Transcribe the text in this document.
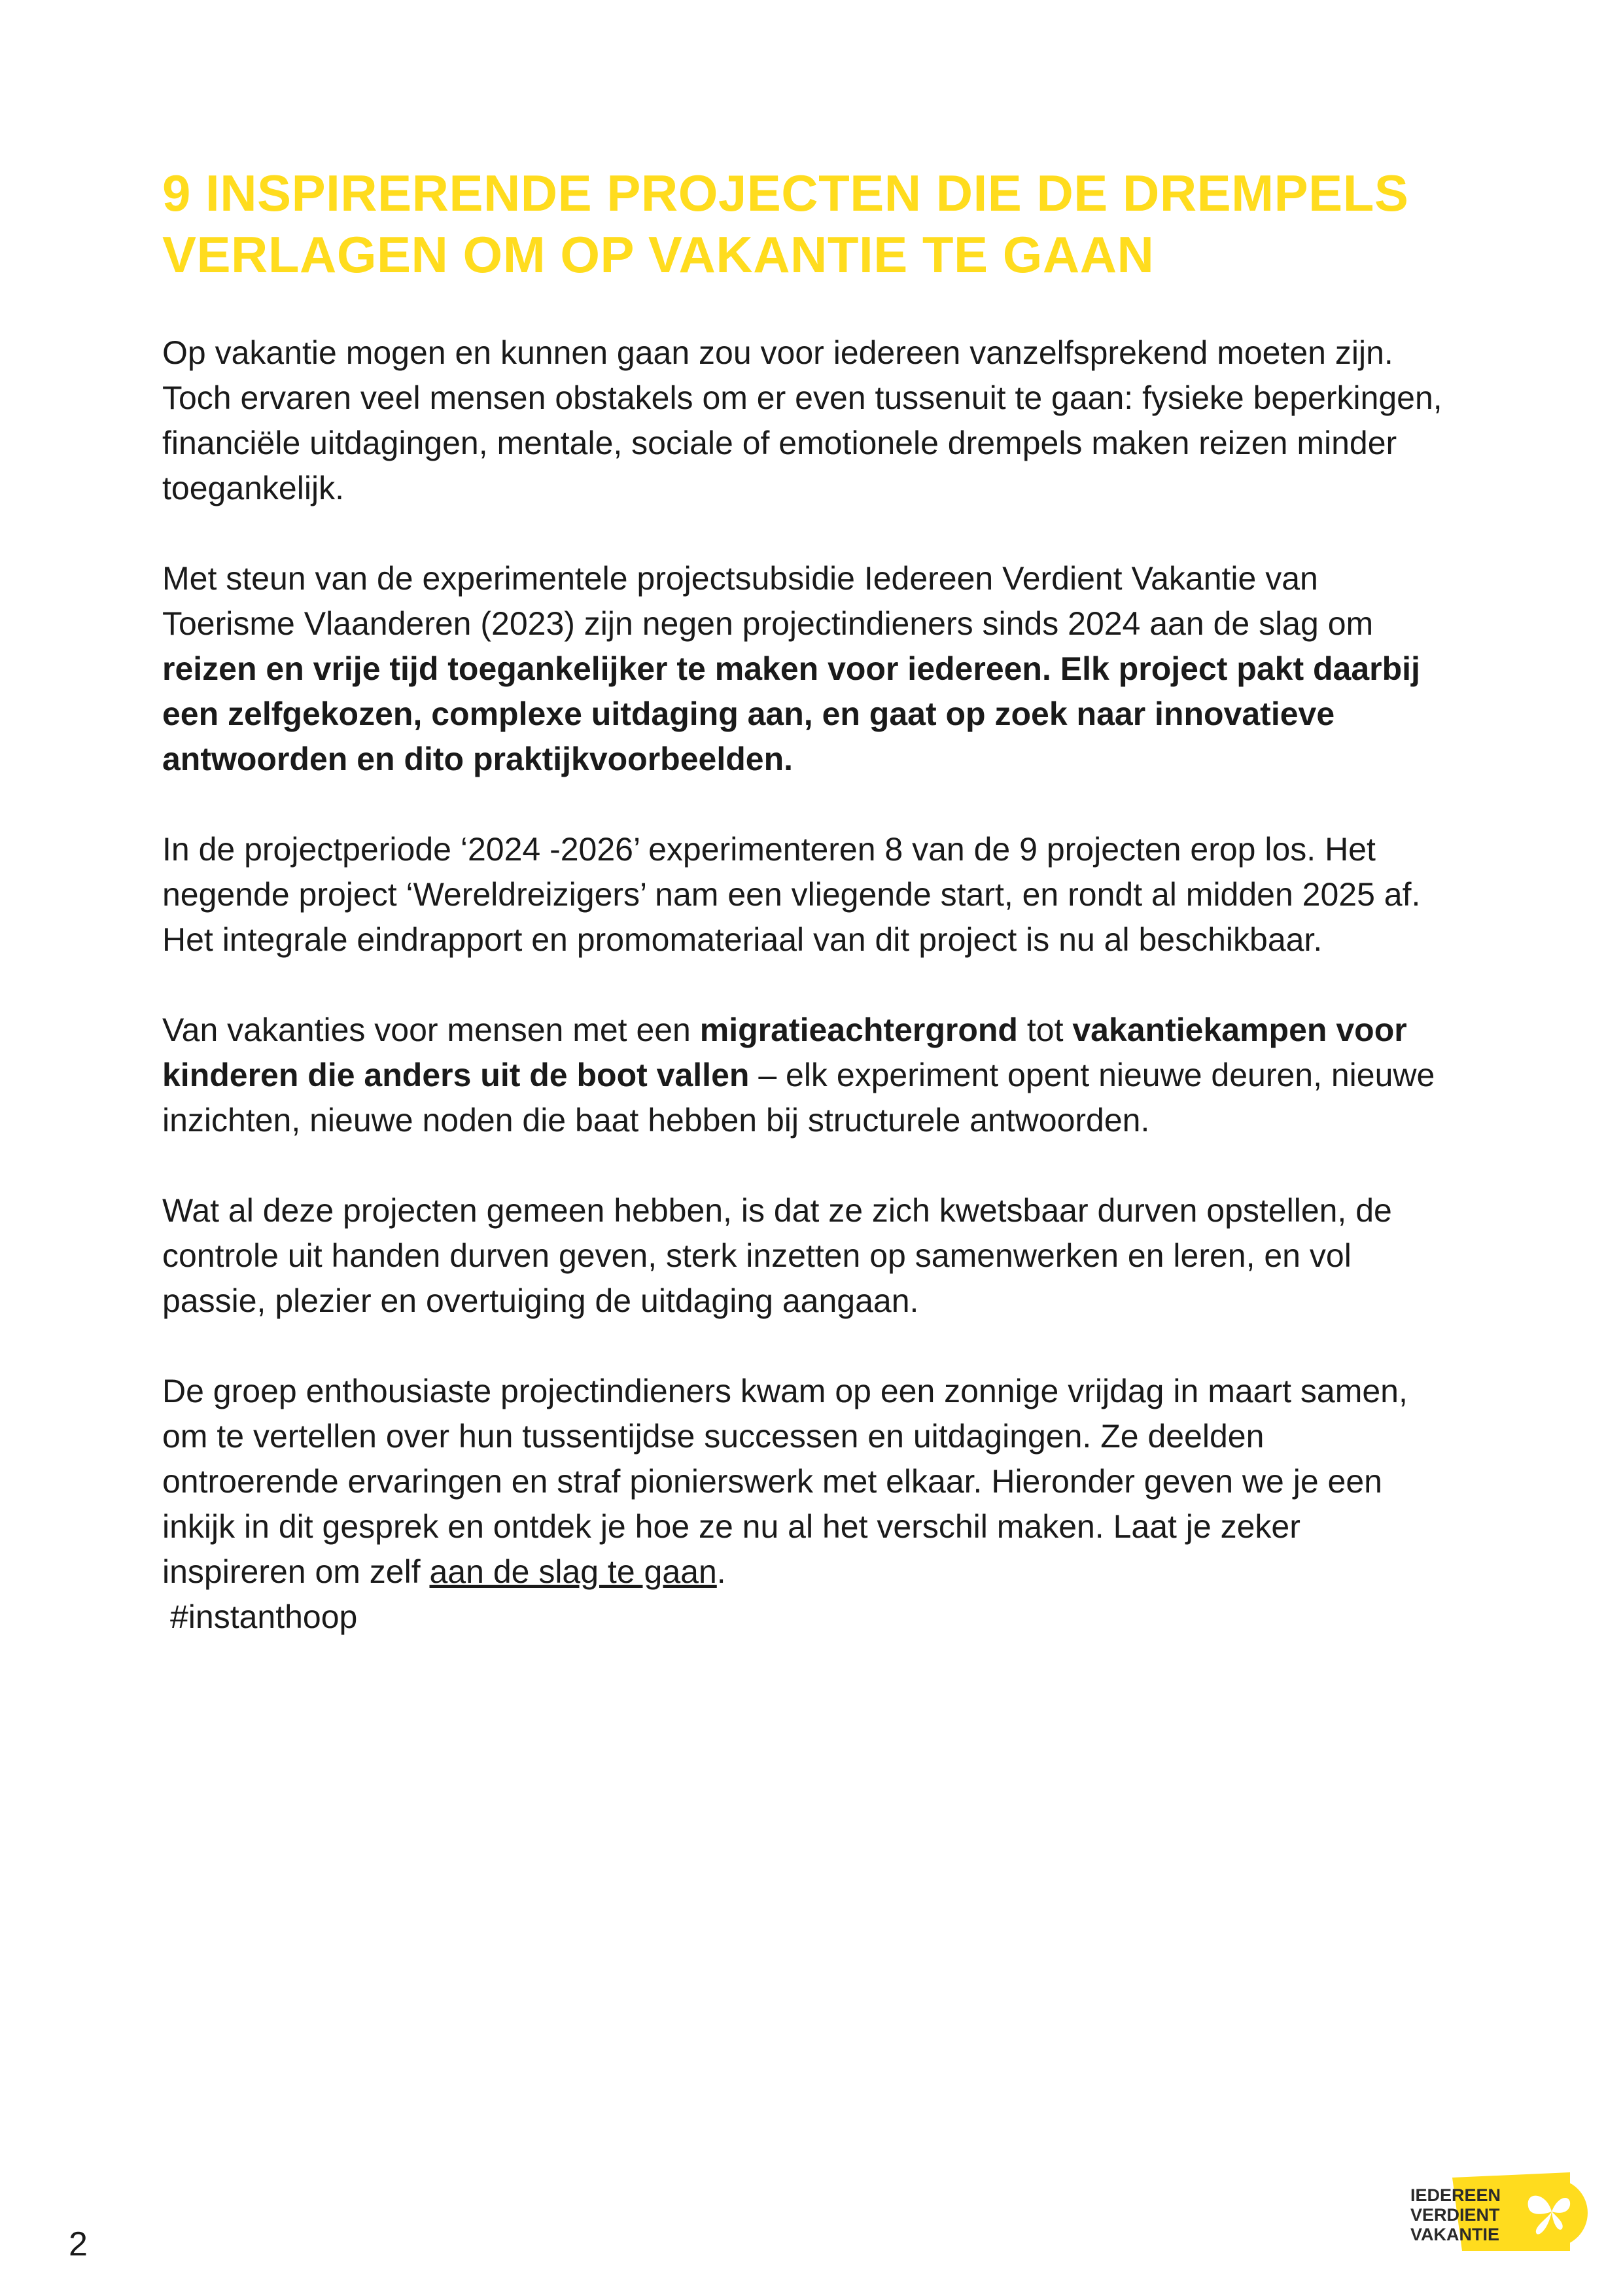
9 INSPIRERENDE PROJECTEN DIE DE DREMPELS
VERLAGEN OM OP VAKANTIE TE GAAN

Op vakantie mogen en kunnen gaan zou voor iedereen vanzelfsprekend moeten zijn. Toch ervaren veel mensen obstakels om er even tussenuit te gaan: fysieke beperkingen, financiële uitdagingen, mentale, sociale of emotionele drempels maken reizen minder toegankelijk.

Met steun van de experimentele projectsubsidie Iedereen Verdient Vakantie van Toerisme Vlaanderen (2023) zijn negen projectindieners sinds 2024 aan de slag om reizen en vrije tijd toegankelijker te maken voor iedereen. Elk project pakt daarbij een zelfgekozen, complexe uitdaging aan, en gaat op zoek naar innovatieve antwoorden en dito praktijkvoorbeelden.

In de projectperiode ‘2024 -2026’ experimenteren 8 van de 9 projecten erop los. Het negende project ‘Wereldreizigers’ nam een vliegende start, en rondt al midden 2025 af. Het integrale eindrapport en promomateriaal van dit project is nu al beschikbaar.

Van vakanties voor mensen met een migratieachtergrond tot vakantiekampen voor kinderen die anders uit de boot vallen – elk experiment opent nieuwe deuren, nieuwe inzichten, nieuwe noden die baat hebben bij structurele antwoorden.

Wat al deze projecten gemeen hebben, is dat ze zich kwetsbaar durven opstellen, de controle uit handen durven geven, sterk inzetten op samenwerken en leren, en vol passie, plezier en overtuiging de uitdaging aangaan.

De groep enthousiaste projectindieners kwam op een zonnige vrijdag in maart samen, om te vertellen over hun tussentijdse successen en uitdagingen. Ze deelden ontroerende ervaringen en straf pionierswerk met elkaar. Hieronder geven we je een inkijk in dit gesprek en ontdek je hoe ze nu al het verschil maken. Laat je zeker inspireren om zelf aan de slag te gaan.
#instanthoop

2
IEDEREEN
VERDIENT
VAKANTIE
